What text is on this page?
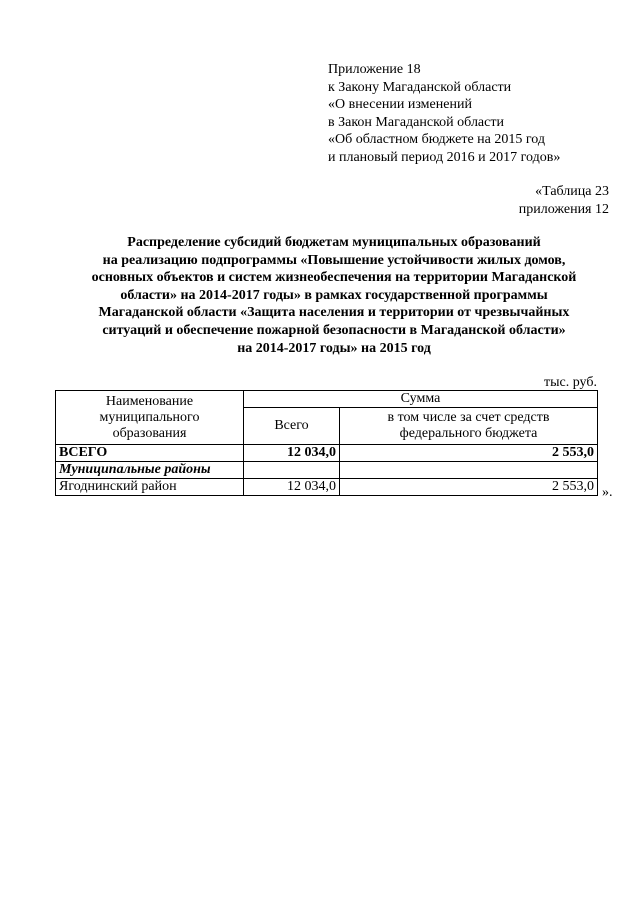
Приложение 18
к Закону Магаданской области
«О внесении изменений
в Закон Магаданской области
«Об областном бюджете на 2015 год
и плановый период 2016 и 2017 годов»
«Таблица 23
приложения 12
Распределение субсидий бюджетам муниципальных образований
на реализацию подпрограммы «Повышение устойчивости жилых домов,
основных объектов и систем жизнеобеспечения на территории Магаданской
области» на 2014-2017 годы» в рамках государственной программы
Магаданской области «Защита населения и территории от чрезвычайных
ситуаций и обеспечение пожарной безопасности в Магаданской области»
на 2014-2017 годы» на 2015 год
тыс. руб.
Наименование
муниципального
образования	Сумма	
	Всего	в том числе за счет средств
федерального бюджета

ВСЕГО	12 034,0	2 553,0
Муниципальные районы		
Ягоднинский район	12 034,0	2 553,0 ».
